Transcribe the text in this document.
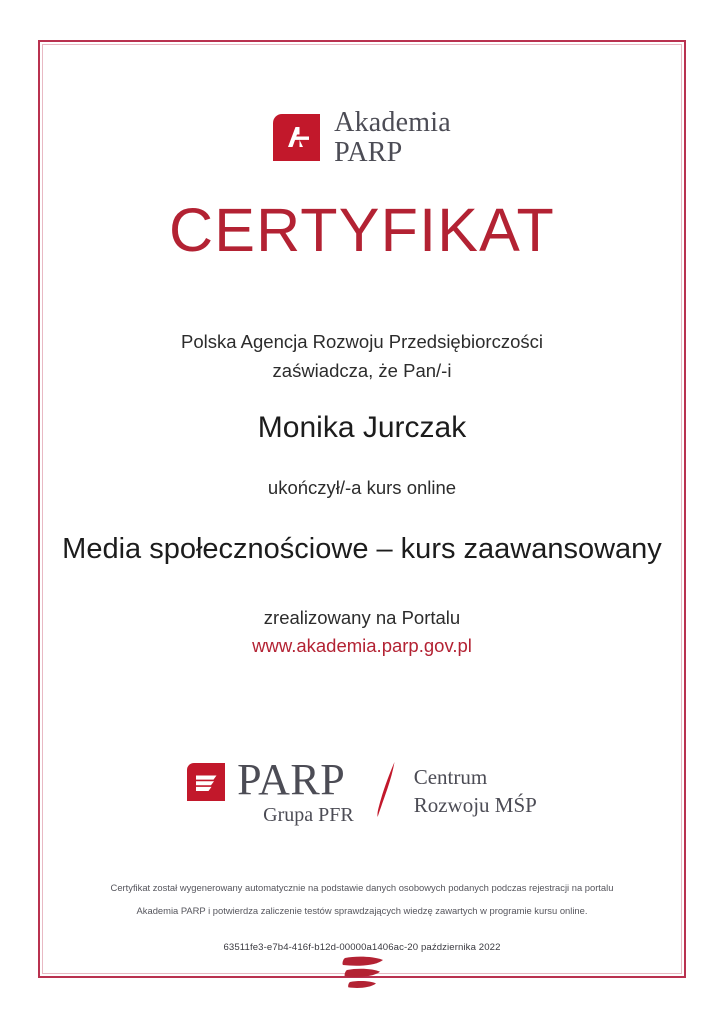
Akademia
PARP
CERTYFIKAT
Polska Agencja Rozwoju Przedsiębiorczości
zaświadcza, że Pan/-i
Monika Jurczak
ukończył/-a kurs online
Media społecznościowe – kurs zaawansowany
zrealizowany na Portalu
www.akademia.parp.gov.pl
PARP
Grupa PFR
Centrum
Rozwoju MŚP
Certyfikat został wygenerowany automatycznie na podstawie danych osobowych podanych podczas rejestracji na portalu
Akademia PARP i potwierdza zaliczenie testów sprawdzających wiedzę zawartych w programie kursu online.
63511fe3-e7b4-416f-b12d-00000a1406ac-20 października 2022
